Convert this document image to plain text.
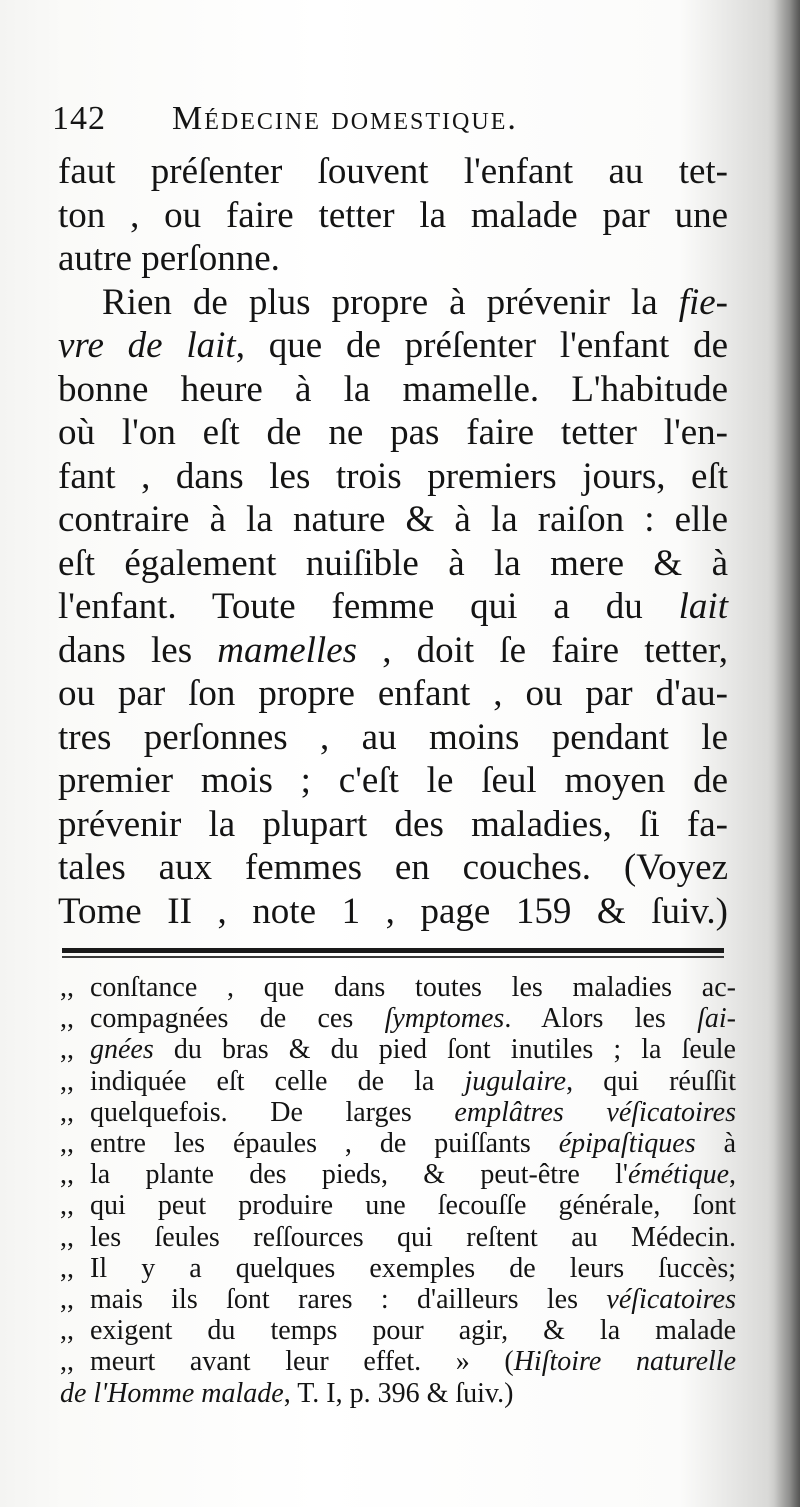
142 Médecine domestique.
faut préſenter ſouvent l'enfant au tet-
ton , ou faire tetter la malade par une
autre perſonne.
Rien de plus propre à prévenir la fie-
vre de lait, que de préſenter l'enfant de
bonne heure à la mamelle. L'habitude
où l'on eſt de ne pas faire tetter l'en-
fant , dans les trois premiers jours, eſt
contraire à la nature & à la raiſon : elle
eſt également nuiſible à la mere & à
l'enfant. Toute femme qui a du lait
dans les mamelles , doit ſe faire tetter,
ou par ſon propre enfant , ou par d'au-
tres perſonnes , au moins pendant le
premier mois ; c'eſt le ſeul moyen de
prévenir la plupart des maladies, ſi fa-
tales aux femmes en couches. (Voyez
Tome II , note 1 , page 159 & ſuiv.)
,, conſtance , que dans toutes les maladies ac-
,, compagnées de ces ſymptomes. Alors les ſai-
,, gnées du bras & du pied ſont inutiles ; la ſeule
,, indiquée eſt celle de la jugulaire, qui réuſſit
,, quelquefois. De larges emplâtres véſicatoires
,, entre les épaules , de puiſſants épipaſtiques à
,, la plante des pieds, & peut-être l'émétique,
,, qui peut produire une ſecouſſe générale, ſont
,, les ſeules reſſources qui reſtent au Médecin.
,, Il y a quelques exemples de leurs ſuccès;
,, mais ils ſont rares : d'ailleurs les véſicatoires
,, exigent du temps pour agir, & la malade
,, meurt avant leur effet. » (Hiſtoire naturelle
de l'Homme malade, T. I, p. 396 & ſuiv.)
